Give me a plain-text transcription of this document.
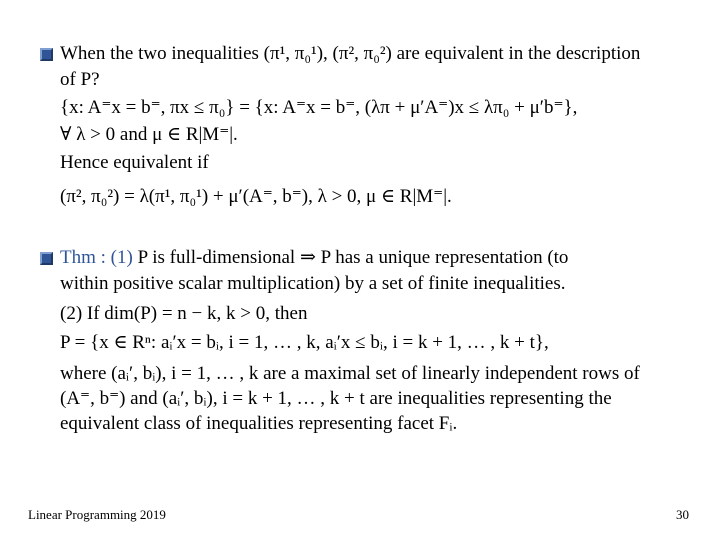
When the two inequalities (π¹, π₀¹), (π², π₀²) are equivalent in the description
of P?
{x: A⁼x = b⁼, πx ≤ π₀} = {x: A⁼x = b⁼, (λπ + μ′A⁼)x ≤ λπ₀ + μ′b⁼},
∀ λ > 0 and μ ∈ R|M⁼|.
Hence equivalent if
(π², π₀²) = λ(π¹, π₀¹) + μ′(A⁼, b⁼), λ > 0, μ ∈ R|M⁼|.
Thm : (1) P is full-dimensional ⇒ P has a unique representation (to
within positive scalar multiplication) by a set of finite inequalities.
(2) If dim(P) = n − k, k > 0, then
P = {x ∈ Rⁿ: aᵢ′x = bᵢ, i = 1, … , k, aᵢ′x ≤ bᵢ, i = k + 1, … , k + t},
where (aᵢ′, bᵢ), i = 1, … , k are a maximal set of linearly independent rows of
(A⁼, b⁼) and (aᵢ′, bᵢ), i = k + 1, … , k + t are inequalities representing the
equivalent class of inequalities representing facet Fᵢ.
Linear Programming 2019	30
